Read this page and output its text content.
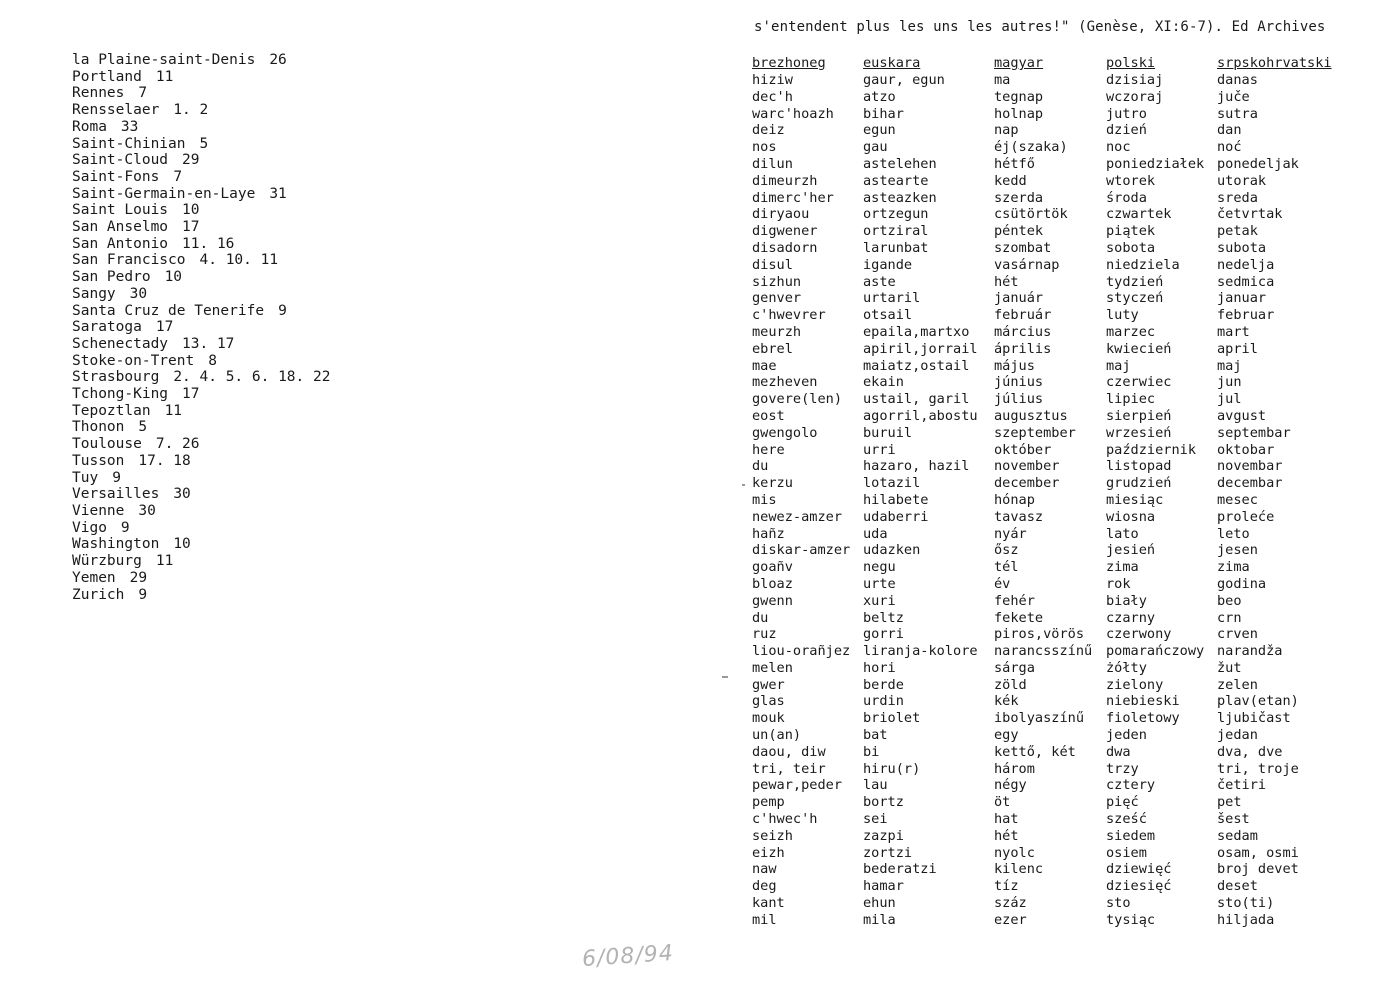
la Plaine-saint-Denis 26
Portland 11
Rennes 7
Rensselaer 1. 2
Roma 33
Saint-Chinian 5
Saint-Cloud 29
Saint-Fons 7
Saint-Germain-en-Laye 31
Saint Louis 10
San Anselmo 17
San Antonio 11. 16
San Francisco 4. 10. 11
San Pedro 10
Sangy 30
Santa Cruz de Tenerife 9
Saratoga 17
Schenectady 13. 17
Stoke-on-Trent 8
Strasbourg 2. 4. 5. 6. 18. 22
Tchong-King 17
Tepoztlan 11
Thonon 5
Toulouse 7. 26
Tusson 17. 18
Tuy 9
Versailles 30
Vienne 30
Vigo 9
Washington 10
Würzburg 11
Yemen 29
Zurich 9
s'entendent plus les uns les autres!" (Genèse, XI:6-7). Ed Archives
brezhoneg	euskara	magyar	polski	srpskohrvatski
hiziw	gaur, egun	ma	dzisiaj	danas
dec'h	atzo	tegnap	wczoraj	juče
warc'hoazh	bihar	holnap	jutro	sutra
deiz	egun	nap	dzień	dan
nos	gau	éj(szaka)	noc	noć
dilun	astelehen	hétfő	poniedziałek	ponedeljak
dimeurzh	astearte	kedd	wtorek	utorak
dimerc'her	asteazken	szerda	środa	sreda
diryaou	ortzegun	csütörtök	czwartek	četvrtak
digwener	ortziral	péntek	piątek	petak
disadorn	larunbat	szombat	sobota	subota
disul	igande	vasárnap	niedziela	nedelja
sizhun	aste	hét	tydzień	sedmica
genver	urtaril	január	styczeń	januar
c'hwevrer	otsail	február	luty	februar
meurzh	epaila,martxo	március	marzec	mart
ebrel	apiril,jorrail	április	kwiecień	april
mae	maiatz,ostail	május	maj	maj
mezheven	ekain	június	czerwiec	jun
govere(len)	ustail, garil	július	lipiec	jul
eost	agorril,abostu	augusztus	sierpień	avgust
gwengolo	buruil	szeptember	wrzesień	septembar
here	urri	október	październik	oktobar
du	hazaro, hazil	november	listopad	novembar
kerzu	lotazil	december	grudzień	decembar
mis	hilabete	hónap	miesiąc	mesec
newez-amzer	udaberri	tavasz	wiosna	proleće
hañz	uda	nyár	lato	leto
diskar-amzer	udazken	ősz	jesień	jesen
goañv	negu	tél	zima	zima
bloaz	urte	év	rok	godina
gwenn	xuri	fehér	biały	beo
du	beltz	fekete	czarny	crn
ruz	gorri	piros,vörös	czerwony	crven
liou-orañjez	liranja-kolore	narancsszínű	pomarańczowy	narandža
melen	hori	sárga	żółty	žut
gwer	berde	zöld	zielony	zelen
glas	urdin	kék	niebieski	plav(etan)
mouk	briolet	ibolyaszínű	fioletowy	ljubičast
un(an)	bat	egy	jeden	jedan
daou, diw	bi	kettő, két	dwa	dva, dve
tri, teir	hiru(r)	három	trzy	tri, troje
pewar,peder	lau	négy	cztery	četiri
pemp	bortz	öt	pięć	pet
c'hwec'h	sei	hat	sześć	šest
seizh	zazpi	hét	siedem	sedam
eizh	zortzi	nyolc	osiem	osam, osmi
naw	bederatzi	kilenc	dziewięć	broj devet
deg	hamar	tíz	dziesięć	deset
kant	ehun	száz	sto	sto(ti)
mil	mila	ezer	tysiąc	hiljada
6/08/94
